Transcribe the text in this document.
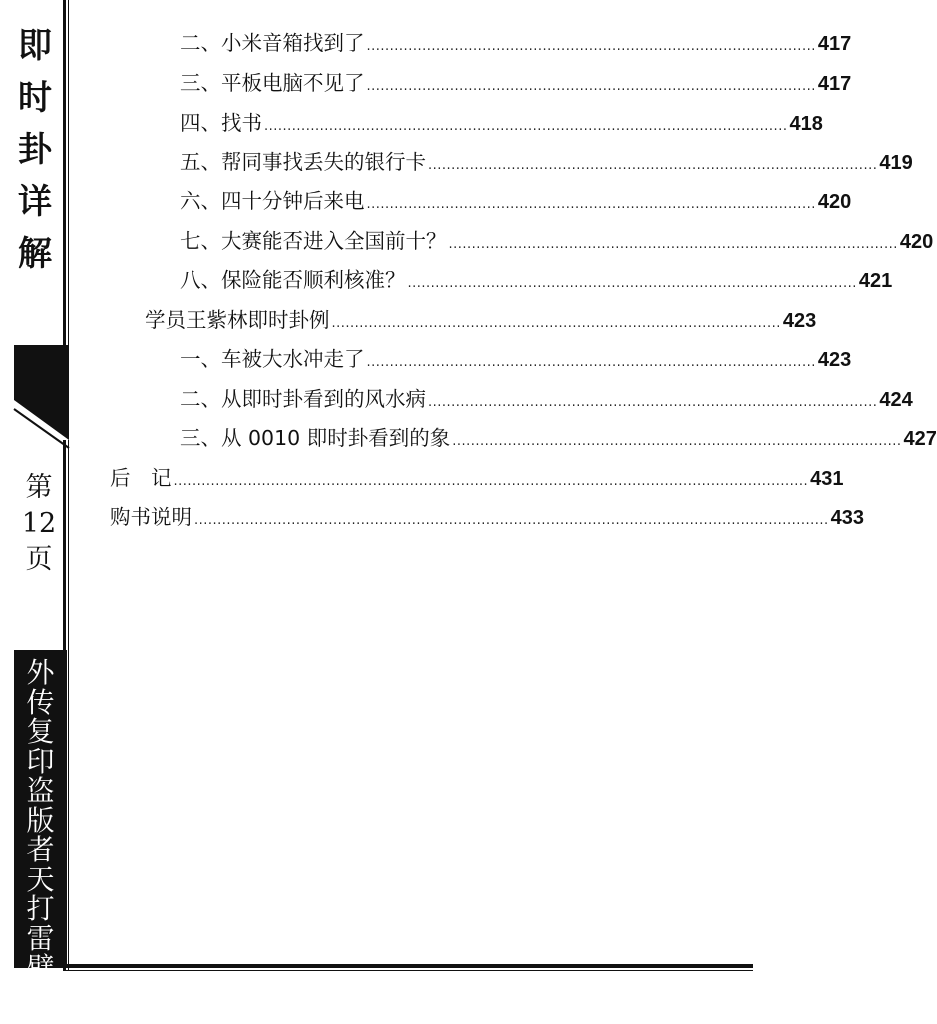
即
时
卦
详
解
第
12
页
外
传
复
印
盗
版
者
天
打
雷
劈
二、小米音箱找到了 ................................................................................................. 417
三、平板电脑不见了 ................................................................................................. 417
四、找书 ................................................................................................................. 418
五、帮同事找丢失的银行卡 ................................................................................................. 419
六、四十分钟后来电 ................................................................................................. 420
七、大赛能否进入全国前十？ ................................................................................................. 420
八、保险能否顺利核准？ ................................................................................................. 421
学员王紫林即时卦例 ................................................................................................. 423
一、车被大水冲走了 ................................................................................................. 423
二、从即时卦看到的风水病 ................................................................................................. 424
三、从 0010 即时卦看到的象 ................................................................................................. 427
后　记 ......................................................................................................................................... 431
购书说明 ......................................................................................................................................... 433
